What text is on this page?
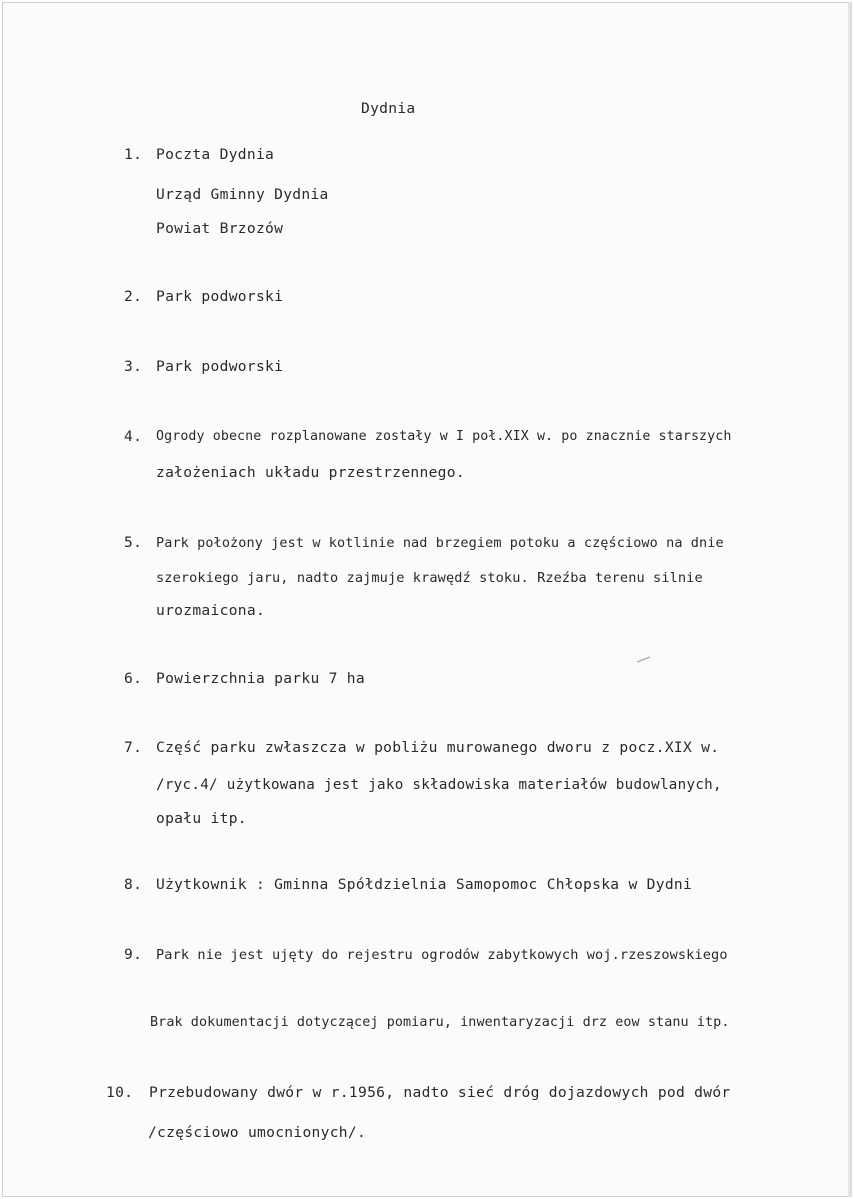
Dydnia
1. Poczta Dydnia
Urząd Gminny Dydnia
Powiat Brzozów
2. Park podworski
3. Park podworski
4. Ogrody obecne rozplanowane zostały w I poł.XIX w. po znacznie starszych
założeniach układu przestrzennego.
5. Park położony jest w kotlinie nad brzegiem potoku a częściowo na dnie
szerokiego jaru, nadto zajmuje krawędź stoku. Rzeźba terenu silnie
urozmaicona.
6. Powierzchnia parku 7 ha
7. Część parku zwłaszcza w pobliżu murowanego dworu z pocz.XIX w.
/ryc.4/ użytkowana jest jako składowiska materiałów budowlanych,
opału itp.
8. Użytkownik : Gminna Spółdzielnia Samopomoc Chłopska w Dydni
9. Park nie jest ujęty do rejestru ogrodów zabytkowych woj.rzeszowskiego
Brak dokumentacji dotyczącej pomiaru, inwentaryzacji drz eow stanu itp.
10. Przebudowany dwór w r.1956, nadto sieć dróg dojazdowych pod dwór
/częściowo umocnionych/.
